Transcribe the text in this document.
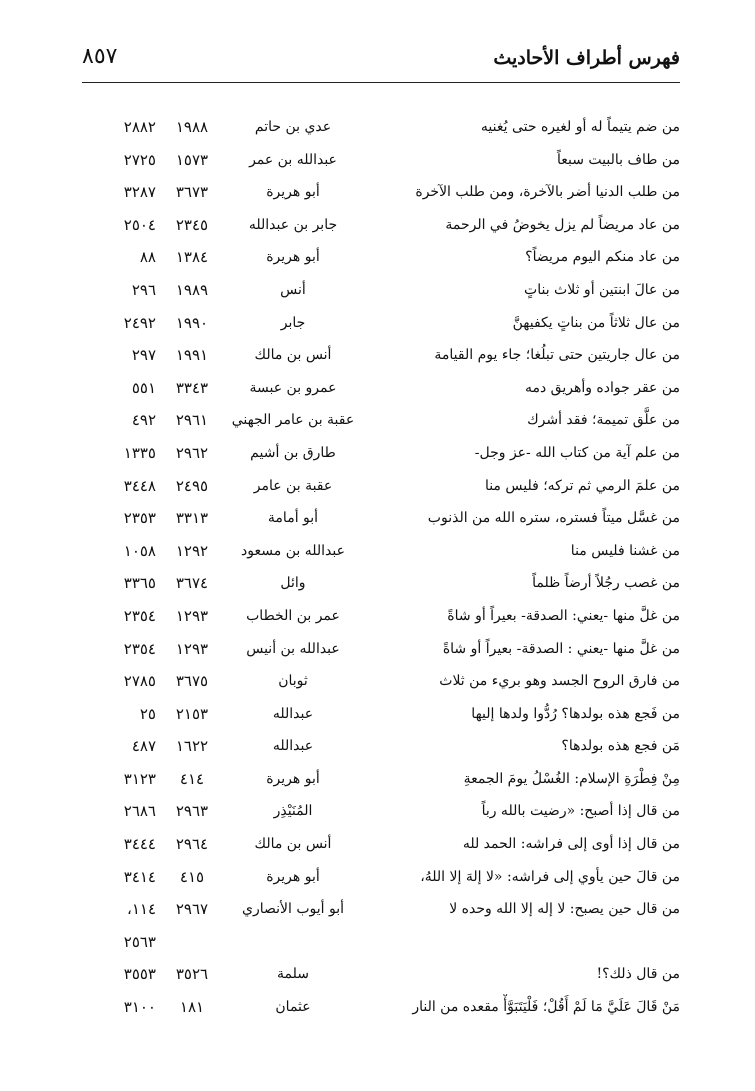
٨٥٧	فهرس أطراف الأحاديث
من ضم يتيماً له أو لغيره حتى يُغنيه
عدي بن حاتم
١٩٨٨
٢٨٨٢
من طاف بالبيت سبعاً
عبدالله بن عمر
١٥٧٣
٢٧٢٥
من طلب الدنيا أضر بالآخرة، ومن طلب الآخرة
أبو هريرة
٣٦٧٣
٣٢٨٧
من عاد مريضاً لم يزل يخوضُ في الرحمة
جابر بن عبدالله
٢٣٤٥
٢٥٠٤
من عاد منكم اليوم مريضاً؟
أبو هريرة
١٣٨٤
٨٨
من عالَ ابنتين أو ثلاث بناتٍ
أنس
١٩٨٩
٢٩٦
من عال ثلاثاً من بناتٍ يكفيهنَّ
جابر
١٩٩٠
٢٤٩٢
من عال جاريتين حتى تبلُغا؛ جاء يوم القيامة
أنس بن مالك
١٩٩١
٢٩٧
من عقر جواده وأهريق دمه
عمرو بن عبسة
٣٣٤٣
٥٥١
من علَّق تميمة؛ فقد أشرك
عقبة بن عامر الجهني
٢٩٦١
٤٩٢
من علم آية من كتاب الله -عز وجل-
طارق بن أشيم
٢٩٦٢
١٣٣٥
من علمَ الرمي ثم تركه؛ فليس منا
عقبة بن عامر
٢٤٩٥
٣٤٤٨
من غسَّل ميتاً فستره، ستره الله من الذنوب
أبو أمامة
٣٣١٣
٢٣٥٣
من غشنا فليس منا
عبدالله بن مسعود
١٢٩٢
١٠٥٨
من غصب رجُلاً أرضاً ظلماً
وائل
٣٦٧٤
٣٣٦٥
من غلَّ منها -يعني: الصدقة- بعيراً أو شاةً
عمر بن الخطاب
١٢٩٣
٢٣٥٤
من غلَّ منها -يعني : الصدقة- بعيراً أو شاةً
عبدالله بن أنيس
١٢٩٣
٢٣٥٤
من فارق الروح الجسد وهو بريء من ثلاث
ثوبان
٣٦٧٥
٢٧٨٥
من فَجع هذه بولدها؟ رُدُّوا ولدها إليها
عبدالله
٢١٥٣
٢٥
مَن فجع هذه بولدها؟
عبدالله
١٦٢٢
٤٨٧
مِنْ فِطْرَةِ الإسلام: الغُسْلُ يومَ الجمعةِ
أبو هريرة
٤١٤
٣١٢٣
من قال إذا أصبح: «رضيت بالله رباً
المُنَيْذِر
٢٩٦٣
٢٦٨٦
من قال إذا أوى إلى فراشه: الحمد لله
أنس بن مالك
٢٩٦٤
٣٤٤٤
من قالَ حين يأوي إلى فراشه: «لا إلهَ إلا اللهُ،
أبو هريرة
٤١٥
٣٤١٤
من قال حين يصبح: لا إله إلا الله وحده لا
أبو أيوب الأنصاري
٢٩٦٧
١١٤،
٢٥٦٣
من قال ذلك؟!
سلمة
٣٥٢٦
٣٥٥٣
مَنْ قَالَ عَلَيَّ مَا لَمْ أَقُلْ؛ فَلْيَتَبَوَّأْ مقعده من النار
عثمان
١٨١
٣١٠٠
